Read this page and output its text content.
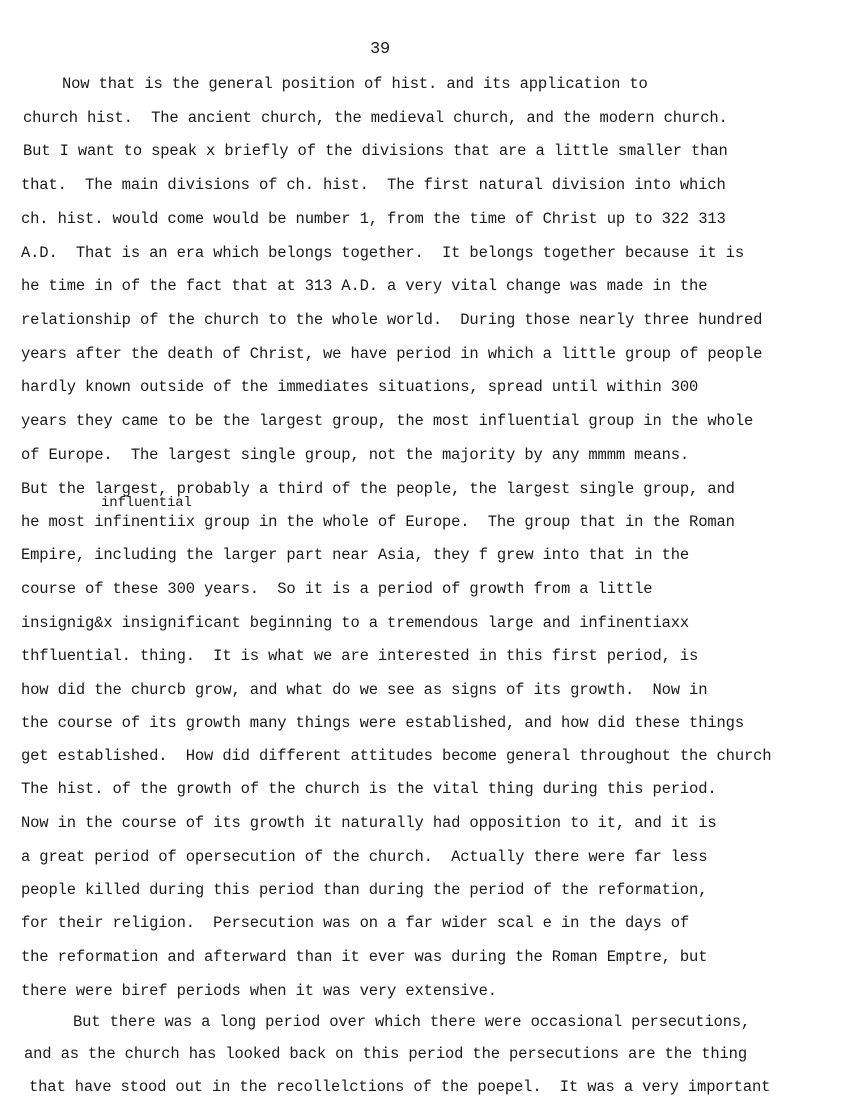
39
Now that is the general position of hist. and its application to
church hist.  The ancient church, the medieval church, and the modern church.
But I want to speak x briefly of the divisions that are a little smaller than
that.  The main divisions of ch. hist.  The first natural division into which
ch. hist. would come would be number 1, from the time of Christ up to 322 313
A.D.  That is an era which belongs together.  It belongs together because it is
he time in of the fact that at 313 A.D. a very vital change was made in the
relationship of the church to the whole world.  During those nearly three hundred
years after the death of Christ, we have period in which a little group of people
hardly known outside of the immediates situations, spread until within 300
years they came to be the largest group, the most influential group in the whole
of Europe.  The largest single group, not the majority by any mmmm means.
But the largest, probably a third of the people, the largest single group, and
influential
he most infinentiix group in the whole of Europe.  The group that in the Roman
Empire, including the larger part near Asia, they f grew into that in the
course of these 300 years.  So it is a period of growth from a little
insignig&x insignificant beginning to a tremendous large and infinentiaxx
thfluential. thing.  It is what we are interested in this first period, is
how did the churcb grow, and what do we see as signs of its growth.  Now in
the course of its growth many things were established, and how did these things
get established.  How did different attitudes become general throughout the church
The hist. of the growth of the church is the vital thing during this period.
Now in the course of its growth it naturally had opposition to it, and it is
a great period of opersecution of the church.  Actually there were far less
people killed during this period than during the period of the reformation,
for their religion.  Persecution was on a far wider scal e in the days of
the reformation and afterward than it ever was during the Roman Emptre, but
there were biref periods when it was very extensive.
But there was a long period over which there were occasional persecutions,
and as the church has looked back on this period the persecutions are the thing
that have stood out in the recollelctions of the poepel.  It was a very important
